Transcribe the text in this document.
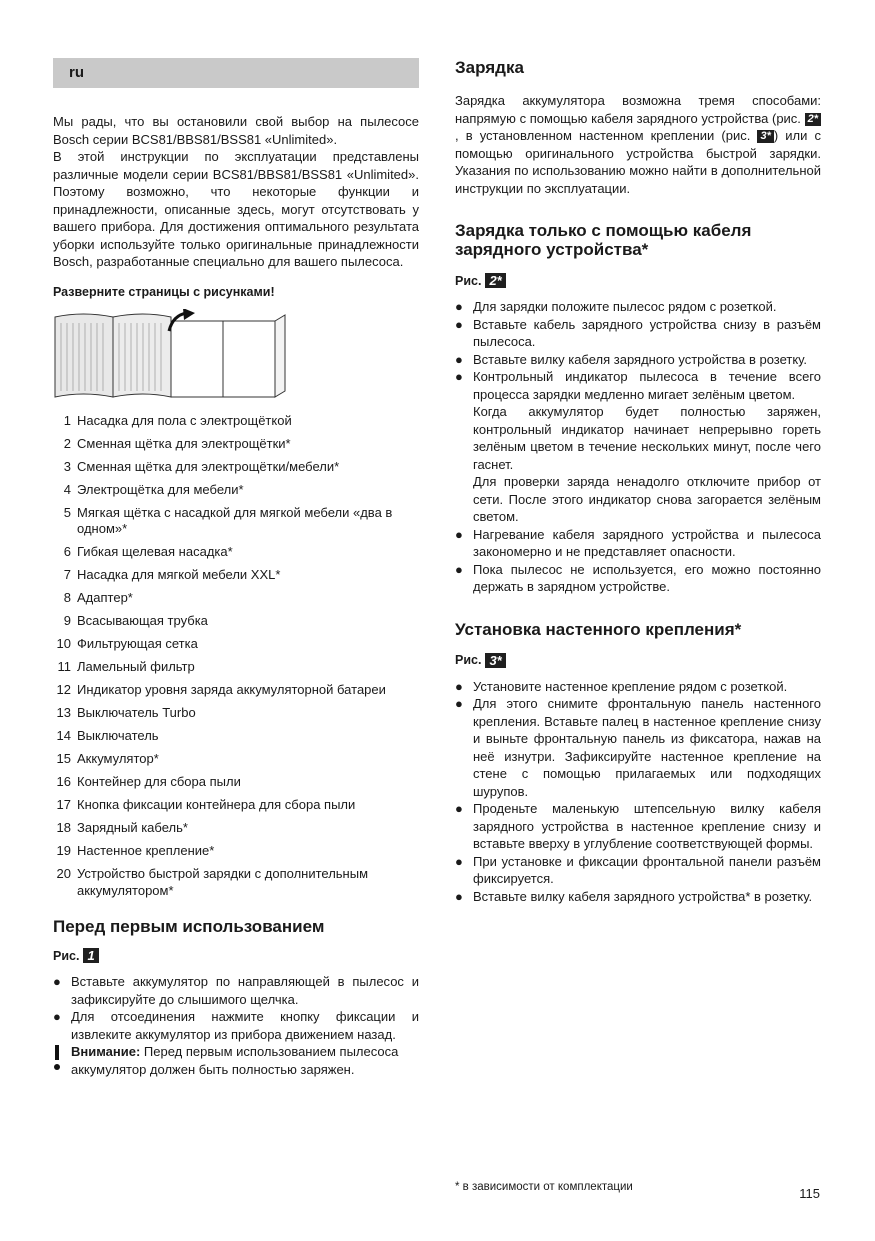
ru

Мы рады, что вы остановили свой выбор на пылесосе Bosch серии BCS81/BBS81/BSS81 «Unlimited».

В этой инструкции по эксплуатации представлены различные модели серии BCS81/BBS81/BSS81 «Unlimited». Поэтому возможно, что некоторые функции и принадлежности, описанные здесь, могут отсутствовать у вашего прибора. Для достижения оптимального результата уборки используйте только оригинальные принадлежности Bosch, разработанные специально для вашего пылесоса.

Разверните страницы с рисунками!
1 Насадка для пола с электрощёткой
2 Сменная щётка для электрощётки*
3 Сменная щётка для электрощётки/мебели*
4 Электрощётка для мебели*
5 Мягкая щётка с насадкой для мягкой мебели «два в одном»*
6 Гибкая щелевая насадка*
7 Насадка для мягкой мебели XXL*
8 Адаптер*
9 Всасывающая трубка
10 Фильтрующая сетка
11 Ламельный фильтр
12 Индикатор уровня заряда аккумуляторной батареи
13 Выключатель Turbo
14 Выключатель
15 Аккумулятор*
16 Контейнер для сбора пыли
17 Кнопка фиксации контейнера для сбора пыли
18 Зарядный кабель*
19 Настенное крепление*
20 Устройство быстрой зарядки с дополнительным аккумулятором*
Перед первым использованием
Рис. 1
● Вставьте аккумулятор по направляющей в пылесос и зафиксируйте до слышимого щелчка.
● Для отсоединения нажмите кнопку фиксации и извлеките аккумулятор из прибора движением назад.
Внимание: Перед первым использованием пылесоса аккумулятор должен быть полностью заряжен.
Зарядка

Зарядка аккумулятора возможна тремя способами: напрямую с помощью кабеля зарядного устройства (рис. 2*, в установленном настенном креплении (рис. 3* ) или с помощью оригинального устройства быстрой зарядки. Указания по использованию можно найти в дополнительной инструкции по эксплуатации.

Зарядка только с помощью кабеля зарядного устройства*
Рис. 2*
● Для зарядки положите пылесос рядом с розеткой.
● Вставьте кабель зарядного устройства снизу в разъём пылесоса.
● Вставьте вилку кабеля зарядного устройства в розетку.
● Контрольный индикатор пылесоса в течение всего процесса зарядки медленно мигает зелёным цветом.

Когда аккумулятор будет полностью заряжен, контрольный индикатор начинает непрерывно гореть зелёным цветом в течение нескольких минут, после чего гаснет.

Для проверки заряда ненадолго отключите прибор от сети. После этого индикатор снова загорается зелёным светом.

● Нагревание кабеля зарядного устройства и пылесоса закономерно и не представляет опасности.
● Пока пылесос не используется, его можно постоянно держать в зарядном устройстве.
Установка настенного крепления*
Рис. 3*
● Установите настенное крепление рядом с розеткой.
● Для этого снимите фронтальную панель настенного крепления. Вставьте палец в настенное крепление снизу и выньте фронтальную панель из фиксатора, нажав на неё изнутри. Зафиксируйте настенное крепление на стене с помощью прилагаемых или подходящих шурупов.
● Проденьте маленькую штепсельную вилку кабеля зарядного устройства в настенное крепление снизу и вставьте вверху в углубление соответствующей формы.
● При установке и фиксации фронтальной панели разъём фиксируется.
● Вставьте вилку кабеля зарядного устройства* в розетку.
* в зависимости от комплектации	115
